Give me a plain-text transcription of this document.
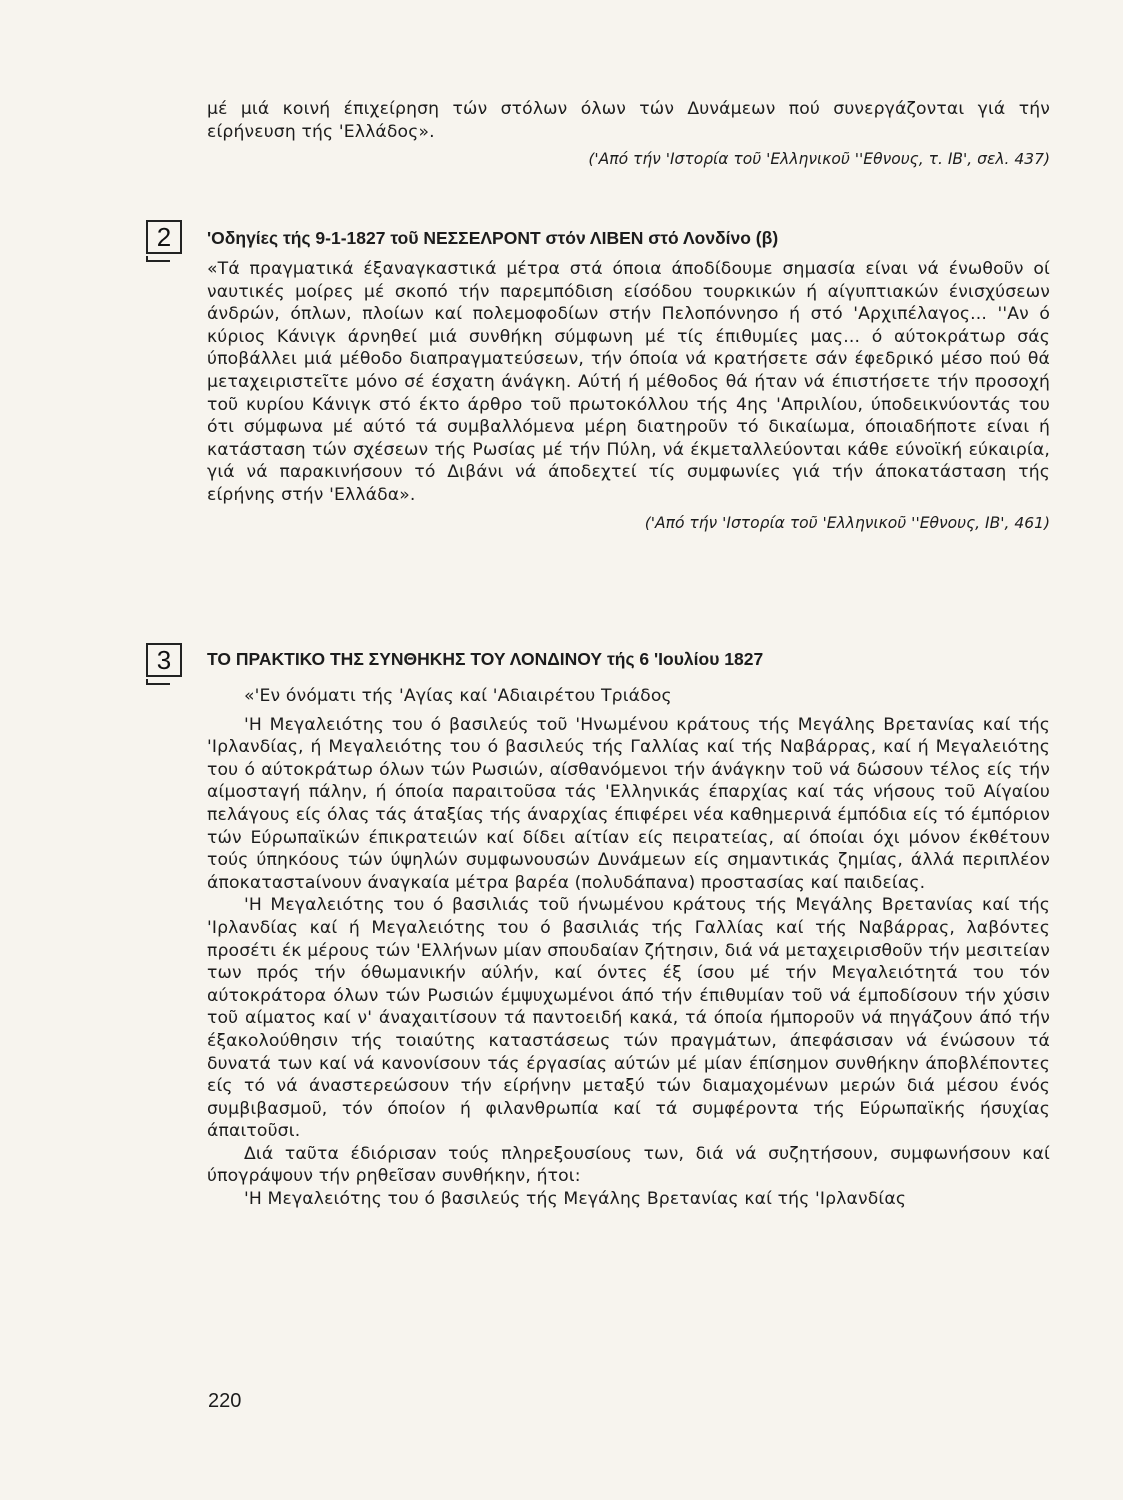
μέ μιά κοινή έπιχείρηση τών στόλων όλων τών Δυνάμεων πού συνεργάζονται γιά τήν είρήνευση τής 'Ελλάδος».

('Από τήν 'Ιστορία τοῦ 'Ελληνικοῦ ''Εθνους, τ. ΙΒ', σελ. 437)

2	'Οδηγίες τής 9-1-1827 τοῦ ΝΕΣΣΕΛΡΟΝΤ στόν ΛΙΒΕΝ στό Λονδίνο (β)

«Τά πραγματικά έξαναγκαστικά μέτρα στά όποια άποδίδουμε σημασία είναι νά ένωθοῦν οί ναυτικές μοίρες μέ σκοπό τήν παρεμπόδιση είσόδου τουρκικών ή αίγυπτιακών ένισχύσεων άνδρών, όπλων, πλοίων καί πολεμοφοδίων στήν Πελοπόννησο ή στό 'Αρχιπέλαγος... ''Αν ό κύριος Κάνιγκ άρνηθεί μιά συνθήκη σύμφωνη μέ τίς έπιθυμίες μας... ό αύτοκράτωρ σάς ύποβάλλει μιά μέθοδο διαπραγματεύσεων, τήν όποία νά κρατήσετε σάν έφεδρικό μέσο πού θά μεταχειριστεῖτε μόνο σέ έσχατη άνάγκη. Αύτή ή μέθοδος θά ήταν νά έπιστήσετε τήν προσοχή τοῦ κυρίου Κάνιγκ στό έκτο άρθρο τοῦ πρωτοκόλλου τής 4ης 'Απριλίου, ύποδεικνύοντάς του ότι σύμφωνα μέ αύτό τά συμβαλλόμενα μέρη διατηροῦν τό δικαίωμα, όποιαδήποτε είναι ή κατάσταση τών σχέσεων τής Ρωσίας μέ τήν Πύλη, νά έκμεταλλεύονται κάθε εύνοϊκή εύκαιρία, γιά νά παρακινήσουν τό Διβάνι νά άποδεχτεί τίς συμφωνίες γιά τήν άποκατάσταση τής είρήνης στήν 'Ελλάδα».

('Από τήν 'Ιστορία τοῦ 'Ελληνικοῦ ''Εθνους, ΙΒ', 461)

3	ΤΟ ΠΡΑΚΤΙΚΟ ΤΗΣ ΣΥΝΘΗΚΗΣ ΤΟΥ ΛΟΝΔΙΝΟΥ τής 6 'Ιουλίου 1827

«'Εν όνόματι τής 'Αγίας καί 'Αδιαιρέτου Τριάδος

'Η Μεγαλειότης του ό βασιλεύς τοῦ 'Ηνωμένου κράτους τής Μεγάλης Βρετανίας καί τής 'Ιρλανδίας, ή Μεγαλειότης του ό βασιλεύς τής Γαλλίας καί τής Ναβάρρας, καί ή Μεγαλειότης του ό αύτοκράτωρ όλων τών Ρωσιών, αίσθανόμενοι τήν άνάγκην τοῦ νά δώσουν τέλος είς τήν αίμοσταγή πάλην, ή όποία παραιτοῦσα τάς 'Ελληνικάς έπαρχίας καί τάς νήσους τοῦ Αίγαίου πελάγους είς όλας τάς άταξίας τής άναρχίας έπιφέρει νέα καθημερινά έμπόδια είς τό έμπόριον τών Εύρωπαϊκών έπικρατειών καί δίδει αίτίαν είς πειρατείας, αί όποίαι όχι μόνον έκθέτουν τούς ύπηκόους τών ύψηλών συμφωνουσών Δυνάμεων είς σημαντικάς ζημίας, άλλά περιπλέον άποκαταστaίνουν άναγκαία μέτρα βαρέα (πολυδάπανα) προστασίας καί παιδείας.

'Η Μεγαλειότης του ό βασιλιάς τοῦ ήνωμένου κράτους τής Μεγάλης Βρετανίας καί τής 'Ιρλανδίας καί ή Μεγαλειότης του ό βασιλιάς τής Γαλλίας καί τής Ναβάρρας, λαβόντες προσέτι έκ μέρους τών 'Ελλήνων μίαν σπουδαίαν ζήτησιν, διά νά μεταχειρισθοῦν τήν μεσιτείαν των πρός τήν όθωμανικήν αύλήν, καί όντες έξ ίσου μέ τήν Μεγαλειότητά του τόν αύτοκράτορα όλων τών Ρωσιών έμψυχωμένοι άπό τήν έπιθυμίαν τοῦ νά έμποδίσουν τήν χύσιν τοῦ αίματος καί ν' άναχαιτίσουν τά παντοειδή κακά, τά όποία ήμποροῦν νά πηγάζουν άπό τήν έξακολούθησιν τής τοιαύτης καταστάσεως τών πραγμάτων, άπεφάσισαν νά ένώσουν τά δυνατά των καί νά κανονίσουν τάς έργασίας αύτών μέ μίαν έπίσημον συνθήκην άποβλέποντες είς τό νά άναστερεώσουν τήν είρήνην μεταξύ τών διαμαχομένων μερών διά μέσου ένός συμβιβασμοῦ, τόν όποίον ή φιλανθρωπία καί τά συμφέροντα τής Εύρωπαϊκής ήσυχίας άπαιτοῦσι.

Διά ταῦτα έδιόρισαν τούς πληρεξουσίους των, διά νά συζητήσουν, συμφωνήσουν καί ύπογράψουν τήν ρηθεῖσαν συνθήκην, ήτοι:

'Η Μεγαλειότης του ό βασιλεύς τής Μεγάλης Βρετανίας καί τής 'Ιρλανδίας

220
